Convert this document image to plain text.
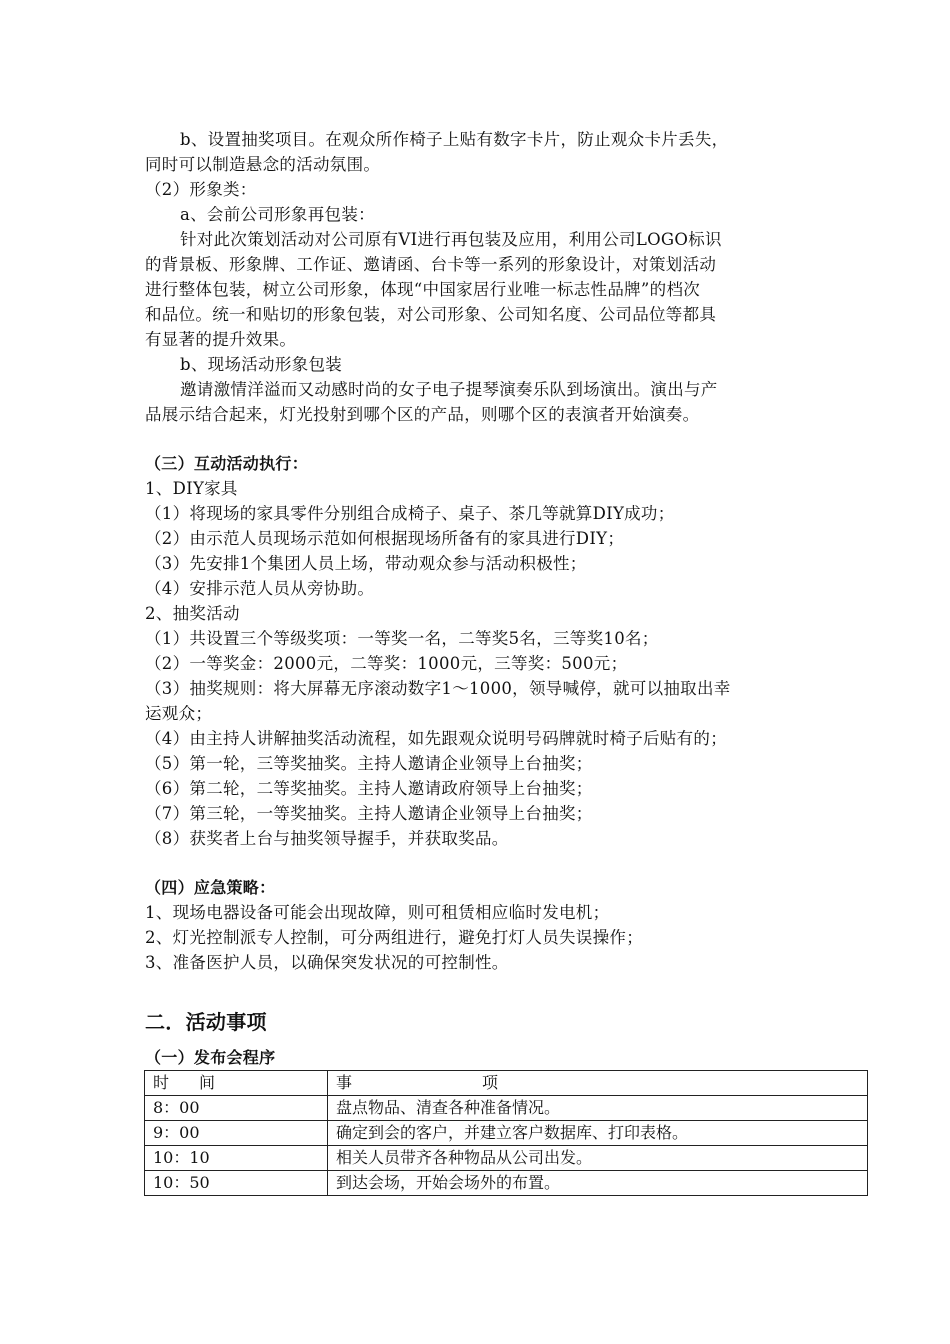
b、设置抽奖项目。在观众所作椅子上贴有数字卡片，防止观众卡片丢失，
同时可以制造悬念的活动氛围。
（2）形象类：
a、会前公司形象再包装：
针对此次策划活动对公司原有VI进行再包装及应用，利用公司LOGO标识
的背景板、形象牌、工作证、邀请函、台卡等一系列的形象设计，对策划活动
进行整体包装，树立公司形象，体现“中国家居行业唯一标志性品牌”的档次
和品位。统一和贴切的形象包装，对公司形象、公司知名度、公司品位等都具
有显著的提升效果。
b、现场活动形象包装
邀请激情洋溢而又动感时尚的女子电子提琴演奏乐队到场演出。演出与产
品展示结合起来，灯光投射到哪个区的产品，则哪个区的表演者开始演奏。
（三）互动活动执行：
1、DIY家具
（1）将现场的家具零件分别组合成椅子、桌子、茶几等就算DIY成功；
（2）由示范人员现场示范如何根据现场所备有的家具进行DIY；
（3）先安排1个集团人员上场，带动观众参与活动积极性；
（4）安排示范人员从旁协助。
2、抽奖活动
（1）共设置三个等级奖项：一等奖一名，二等奖5名，三等奖10名；
（2）一等奖金：2000元，二等奖：1000元，三等奖：500元；
（3）抽奖规则：将大屏幕无序滚动数字1～1000，领导喊停，就可以抽取出幸
运观众；
（4）由主持人讲解抽奖活动流程，如先跟观众说明号码牌就时椅子后贴有的；
（5）第一轮，三等奖抽奖。主持人邀请企业领导上台抽奖；
（6）第二轮，二等奖抽奖。主持人邀请政府领导上台抽奖；
（7）第三轮，一等奖抽奖。主持人邀请企业领导上台抽奖；
（8）获奖者上台与抽奖领导握手，并获取奖品。
（四）应急策略：
1、现场电器设备可能会出现故障，则可租赁相应临时发电机；
2、灯光控制派专人控制，可分两组进行，避免打灯人员失误操作；
3、准备医护人员，以确保突发状况的可控制性。
二．活动事项
（一）发布会程序
时间	事项
8：00	盘点物品、清查各种准备情况。
9：00	确定到会的客户，并建立客户数据库、打印表格。
10：10	相关人员带齐各种物品从公司出发。
10：50	到达会场，开始会场外的布置。
